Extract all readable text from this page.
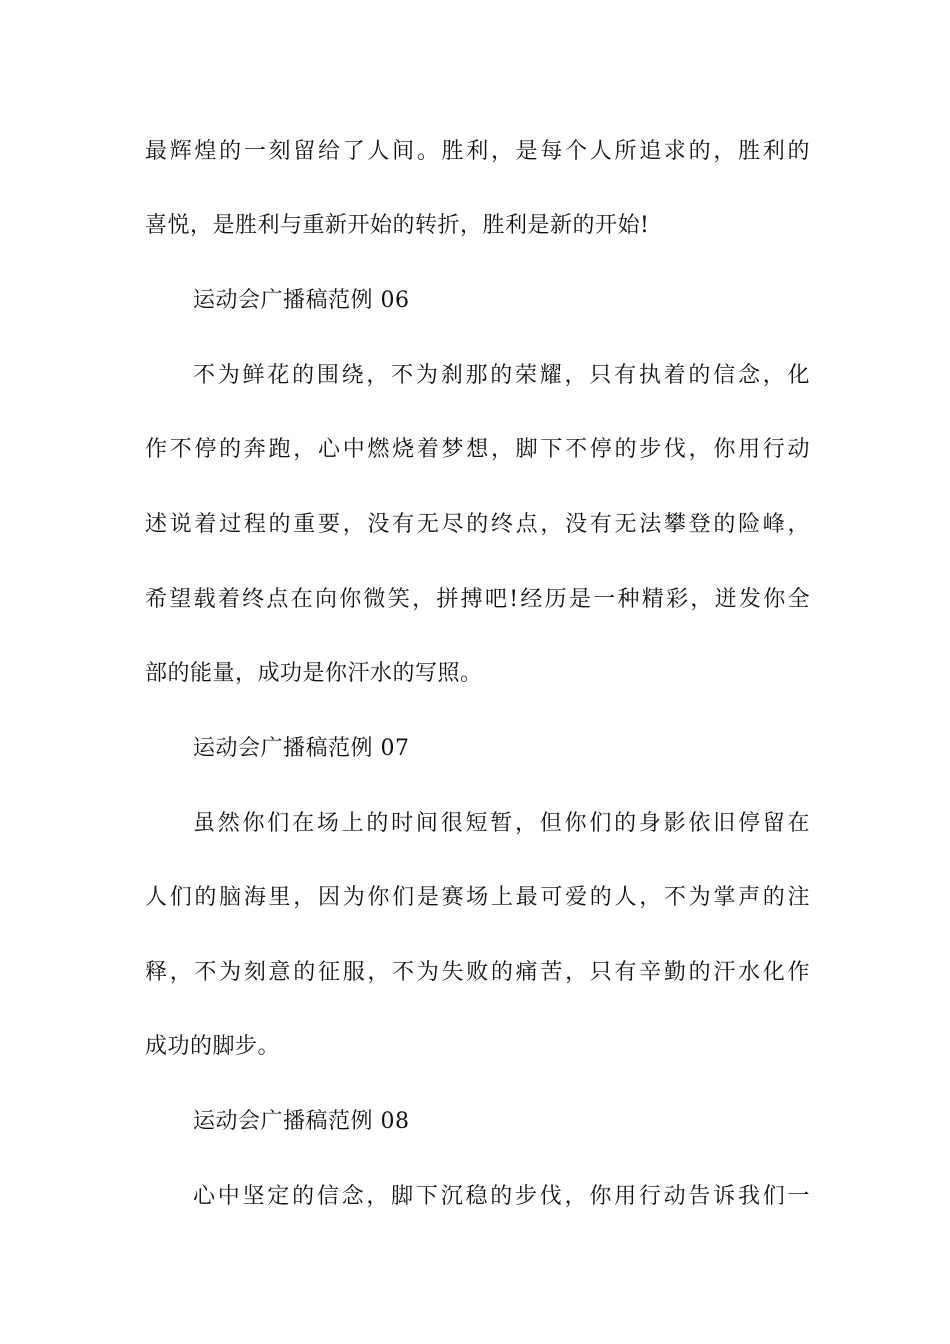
最辉煌的一刻留给了人间。胜利，是每个人所追求的，胜利的
喜悦，是胜利与重新开始的转折，胜利是新的开始!
运动会广播稿范例 06
不为鲜花的围绕，不为刹那的荣耀，只有执着的信念，化
作不停的奔跑，心中燃烧着梦想，脚下不停的步伐，你用行动
述说着过程的重要，没有无尽的终点，没有无法攀登的险峰，
希望载着终点在向你微笑，拼搏吧!经历是一种精彩，迸发你全
部的能量，成功是你汗水的写照。
运动会广播稿范例 07
虽然你们在场上的时间很短暂，但你们的身影依旧停留在
人们的脑海里，因为你们是赛场上最可爱的人，不为掌声的注
释，不为刻意的征服，不为失败的痛苦，只有辛勤的汗水化作
成功的脚步。
运动会广播稿范例 08
心中坚定的信念，脚下沉稳的步伐，你用行动告诉我们一
